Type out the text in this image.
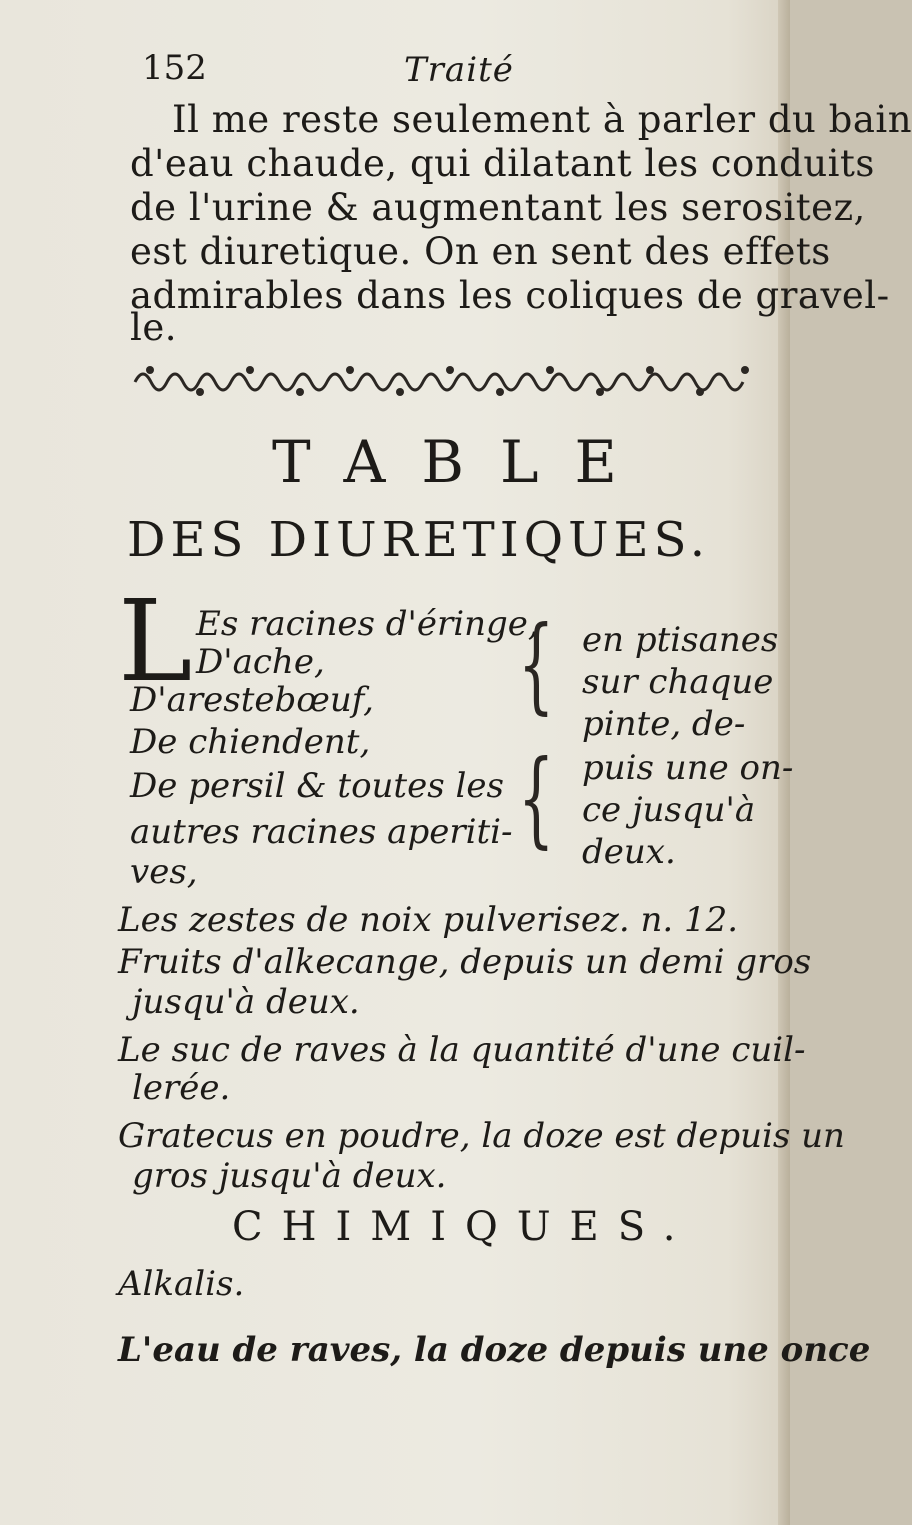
152	Traité
Il me reste seulement à parler du bain
d'eau chaude, qui dilatant les conduits
de l'urine & augmentant les serositez,
est diuretique. On en sent des effets
admirables dans les coliques de gravel-
le.
TABLE
DES DIURETIQUES.
L Es racines d'éringe,
D'ache,
D'arestebœuf,
De chiendent,
De persil & toutes les
autres racines aperiti-
ves,
{
{
en ptisanes
sur chaque
pinte, de-
puis une on-
ce jusqu'à
deux.
Les zestes de noix pulverisez. n. 12.
Fruits d'alkecange, depuis un demi gros
jusqu'à deux.
Le suc de raves à la quantité d'une cuil-
lerée.
Gratecus en poudre, la doze est depuis un
gros jusqu'à deux.
CHIMIQUES.
Alkalis.
L'eau de raves, la doze depuis une once
